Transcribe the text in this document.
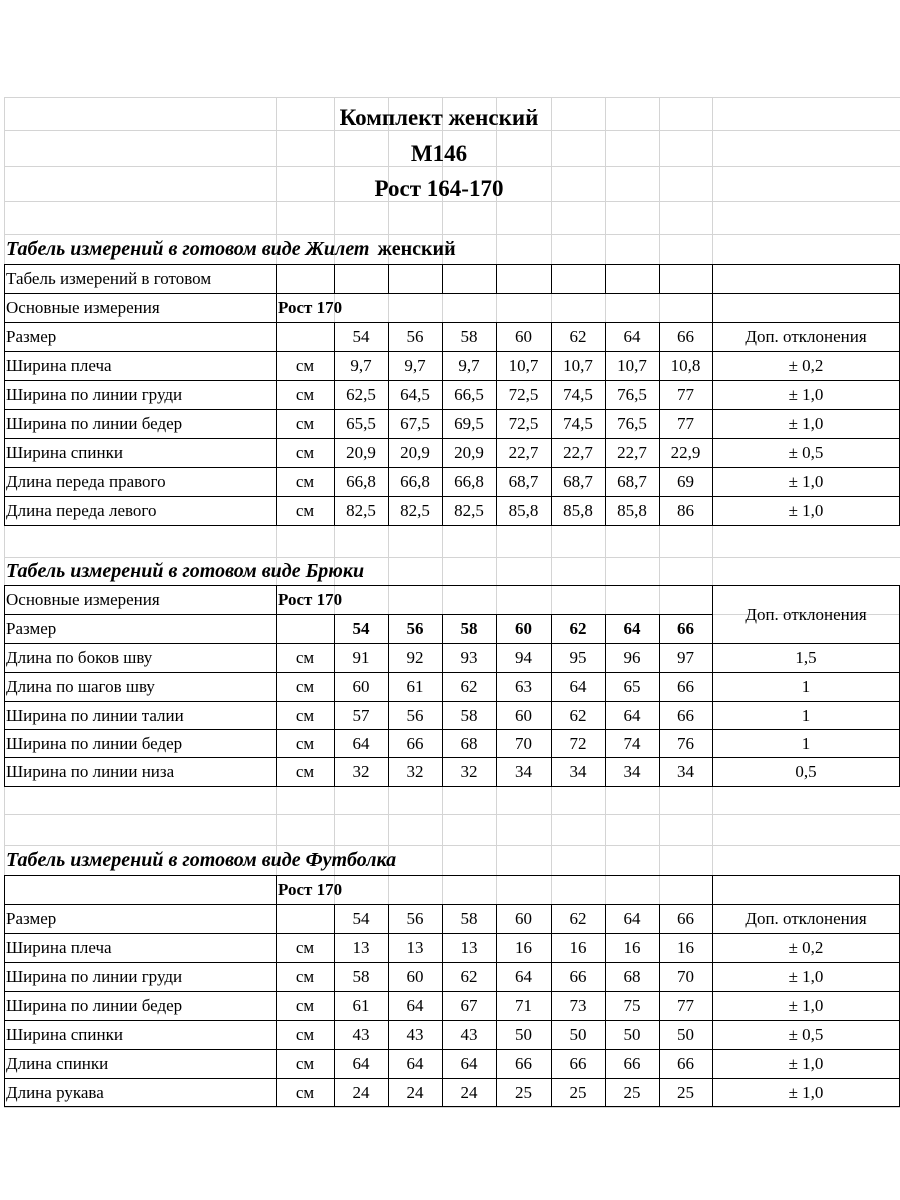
Комплект женский
М146
Рост 164-170
Табель измерений в готовом виде Жилет женский
Табель измерений в готовом виде Брюки
Табель измерений в готовом виде Футболка
Табель измерений в готовом
Основные измерения	Рост 170
Размер	54	56	58	60	62	64	66	Доп. отклонения
Ширина плеча	см	9,7	9,7	9,7	10,7	10,7	10,7	10,8	± 0,2
Ширина по линии груди	см	62,5	64,5	66,5	72,5	74,5	76,5	77	± 1,0
Ширина по линии бедер	см	65,5	67,5	69,5	72,5	74,5	76,5	77	± 1,0
Ширина спинки	см	20,9	20,9	20,9	22,7	22,7	22,7	22,9	± 0,5
Длина переда правого	см	66,8	66,8	66,8	68,7	68,7	68,7	69	± 1,0
Длина переда левого	см	82,5	82,5	82,5	85,8	85,8	85,8	86	± 1,0
Основные измерения	Рост 170
Размер	54	56	58	60	62	64	66
Доп. отклонения
Длина по боков шву	см	91	92	93	94	95	96	97	1,5
Длина по шагов шву	см	60	61	62	63	64	65	66	1
Ширина по линии талии	см	57	56	58	60	62	64	66	1
Ширина по линии бедер	см	64	66	68	70	72	74	76	1
Ширина по линии низа	см	32	32	32	34	34	34	34	0,5
Рост 170
Размер	54	56	58	60	62	64	66	Доп. отклонения
Ширина плеча	см	13	13	13	16	16	16	16	± 0,2
Ширина по линии груди	см	58	60	62	64	66	68	70	± 1,0
Ширина по линии бедер	см	61	64	67	71	73	75	77	± 1,0
Ширина спинки	см	43	43	43	50	50	50	50	± 0,5
Длина спинки	см	64	64	64	66	66	66	66	± 1,0
Длина рукава	см	24	24	24	25	25	25	25	± 1,0
